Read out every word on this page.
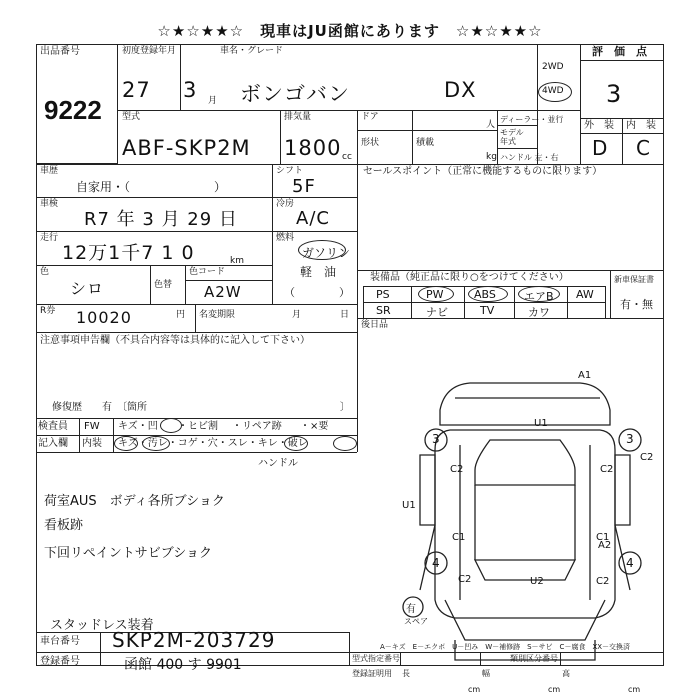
☆★☆★★☆　現車はJU函館にあります　☆★☆★★☆
出品番号
9222
初度登録年月
27 3 月
車名・グレード
ボンゴバン	DX
2WD
4WD
評　価　点
3
外　装 内　装
D C
型式
ABF-SKP2M
排気量
1800 cc
ドア
人
形状	積載
kg
ディーラー・並行
モデル
年式
ハンドル 左・右
車歴
自家用・（　　　　　　　）
シフト
5F
車検
R7 年 3 月 29 日
冷房
A/C
走行
12万1千7 1 0	km
燃料
ガソリン
軽　油
（　　　　）
色
シロ	色替
色コード
A2W
R券 10020	円 名変期限	月	日
セールスポイント（正常に機能するものに限ります）
装備品（純正品に限り○をつけてください）	新車保証書
有・無
PS	PW	ABS	エアB AW
SR	ナビ	TV	カワ
後日品
注意事項申告欄（不具合内容等は具体的に記入して下さい）
修復歴　　有　〔箇所	〕
検査員
記入欄
FW キズ・凹 ・ヒビ割 ・リペア跡 ・×要
内装 キズ・汚レ・コゲ・穴・スレ・キレ・破レ
ハンドル
荷室AUS　ボディ各所ブショク
看板跡
下回リペイントサビブショク
スタッドレス装着
A1
U1
3	3
C2
C2	C2
U1
C1	C1
4	4
C2	U2
A2
C2
有
スペア
A－キズ　E－エクボ　U－凹み　W－補修跡　S－サビ　C－腐食　XX－交換済
車台番号 SKP2M-203729
登録番号	函館 400 す 9901	型式指定番号	類別区分番号
登録証明用 長	幅	高
cm	cm	cm
